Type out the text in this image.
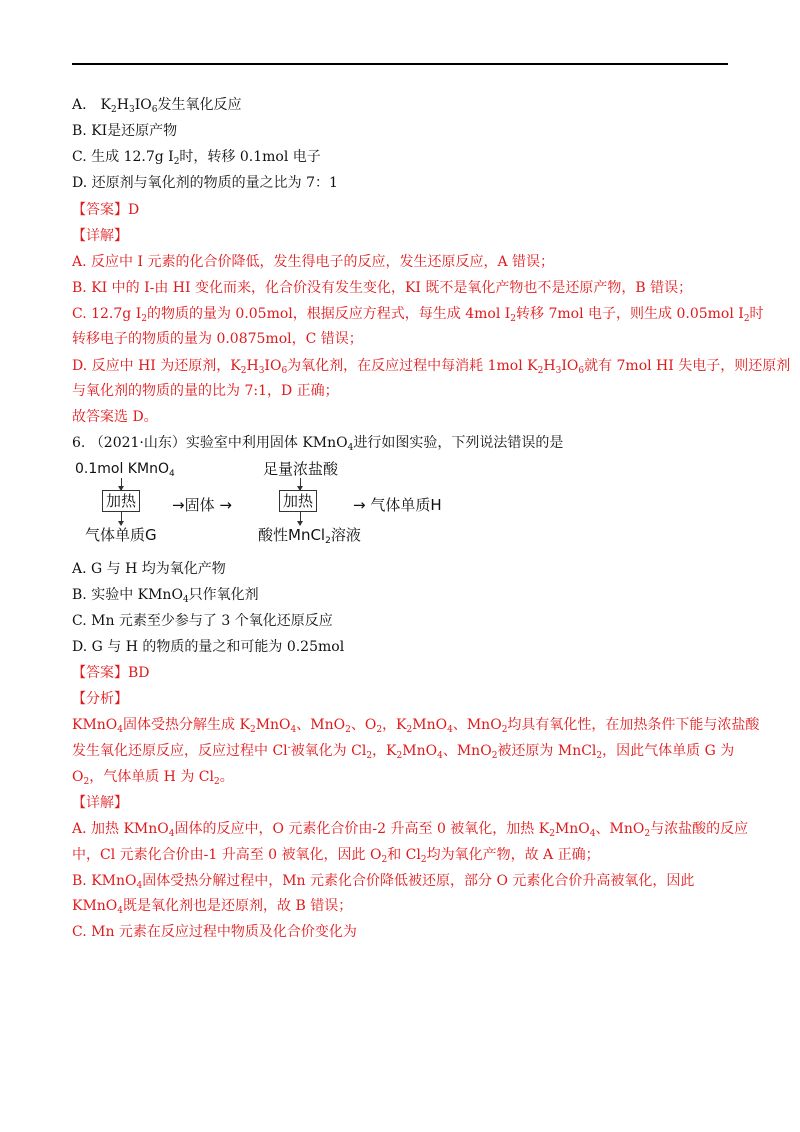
A.　$K_2H_3IO_6$发生氧化反应
B. KI是还原产物
C. 生成 12.7g $I_2$时，转移 0.1mol 电子
D. 还原剂与氧化剂的物质的量之比为 7：1
【答案】D
【详解】
A. 反应中 I 元素的化合价降低，发生得电子的反应，发生还原反应，A 错误；
B. KI 中的 I-由 HI 变化而来，化合价没有发生变化，KI 既不是氧化产物也不是还原产物，B 错误；
C. 12.7g $I_2$的物质的量为 0.05mol，根据反应方程式，每生成 4mol $I_2$转移 7mol 电子，则生成 0.05mol $I_2$时
转移电子的物质的量为 0.0875mol，C 错误；
D. 反应中 HI 为还原剂，$K_2H_3IO_6$为氧化剂，在反应过程中每消耗 1mol $K_2H_3IO_6$就有 7mol HI 失电子，则还原剂
与氧化剂的物质的量的比为 7:1，D 正确；
故答案选 D。
6. （2021·山东）实验室中利用固体 KMnO$_4$进行如图实验，下列说法错误的是
0.1mol KMnO$_4$
加热 →固体 →
足量浓盐酸
加热	→ 气体单质H
气体单质G	酸性MnCl$_2$溶液
A. G 与 H 均为氧化产物
B. 实验中 KMnO$_4$只作氧化剂
C. Mn 元素至少参与了 3 个氧化还原反应
D. G 与 H 的物质的量之和可能为 0.25mol
【答案】BD
【分析】
KMnO$_4$固体受热分解生成 $K_2MnO_4$、MnO$_2$、$O_2$，$K_2MnO_4$、MnO$_2$均具有氧化性，在加热条件下能与浓盐酸
发生氧化还原反应，反应过程中 Cl-被氧化为 $Cl_2$，$K_2MnO_4$、MnO$_2$被还原为 MnCl$_2$，因此气体单质 G 为
$O_2$，气体单质 H 为 $Cl_2$。
【详解】
A. 加热 KMnO$_4$固体的反应中，O 元素化合价由-2 升高至 0 被氧化，加热 $K_2MnO_4$、MnO$_2$与浓盐酸的反应
中，Cl 元素化合价由-1 升高至 0 被氧化，因此 $O_2$和 $Cl_2$均为氧化产物，故 A 正确；
B. KMnO$_4$固体受热分解过程中，Mn 元素化合价降低被还原，部分 O 元素化合价升高被氧化，因此
KMnO$_4$既是氧化剂也是还原剂，故 B 错误；
C. Mn 元素在反应过程中物质及化合价变化为
